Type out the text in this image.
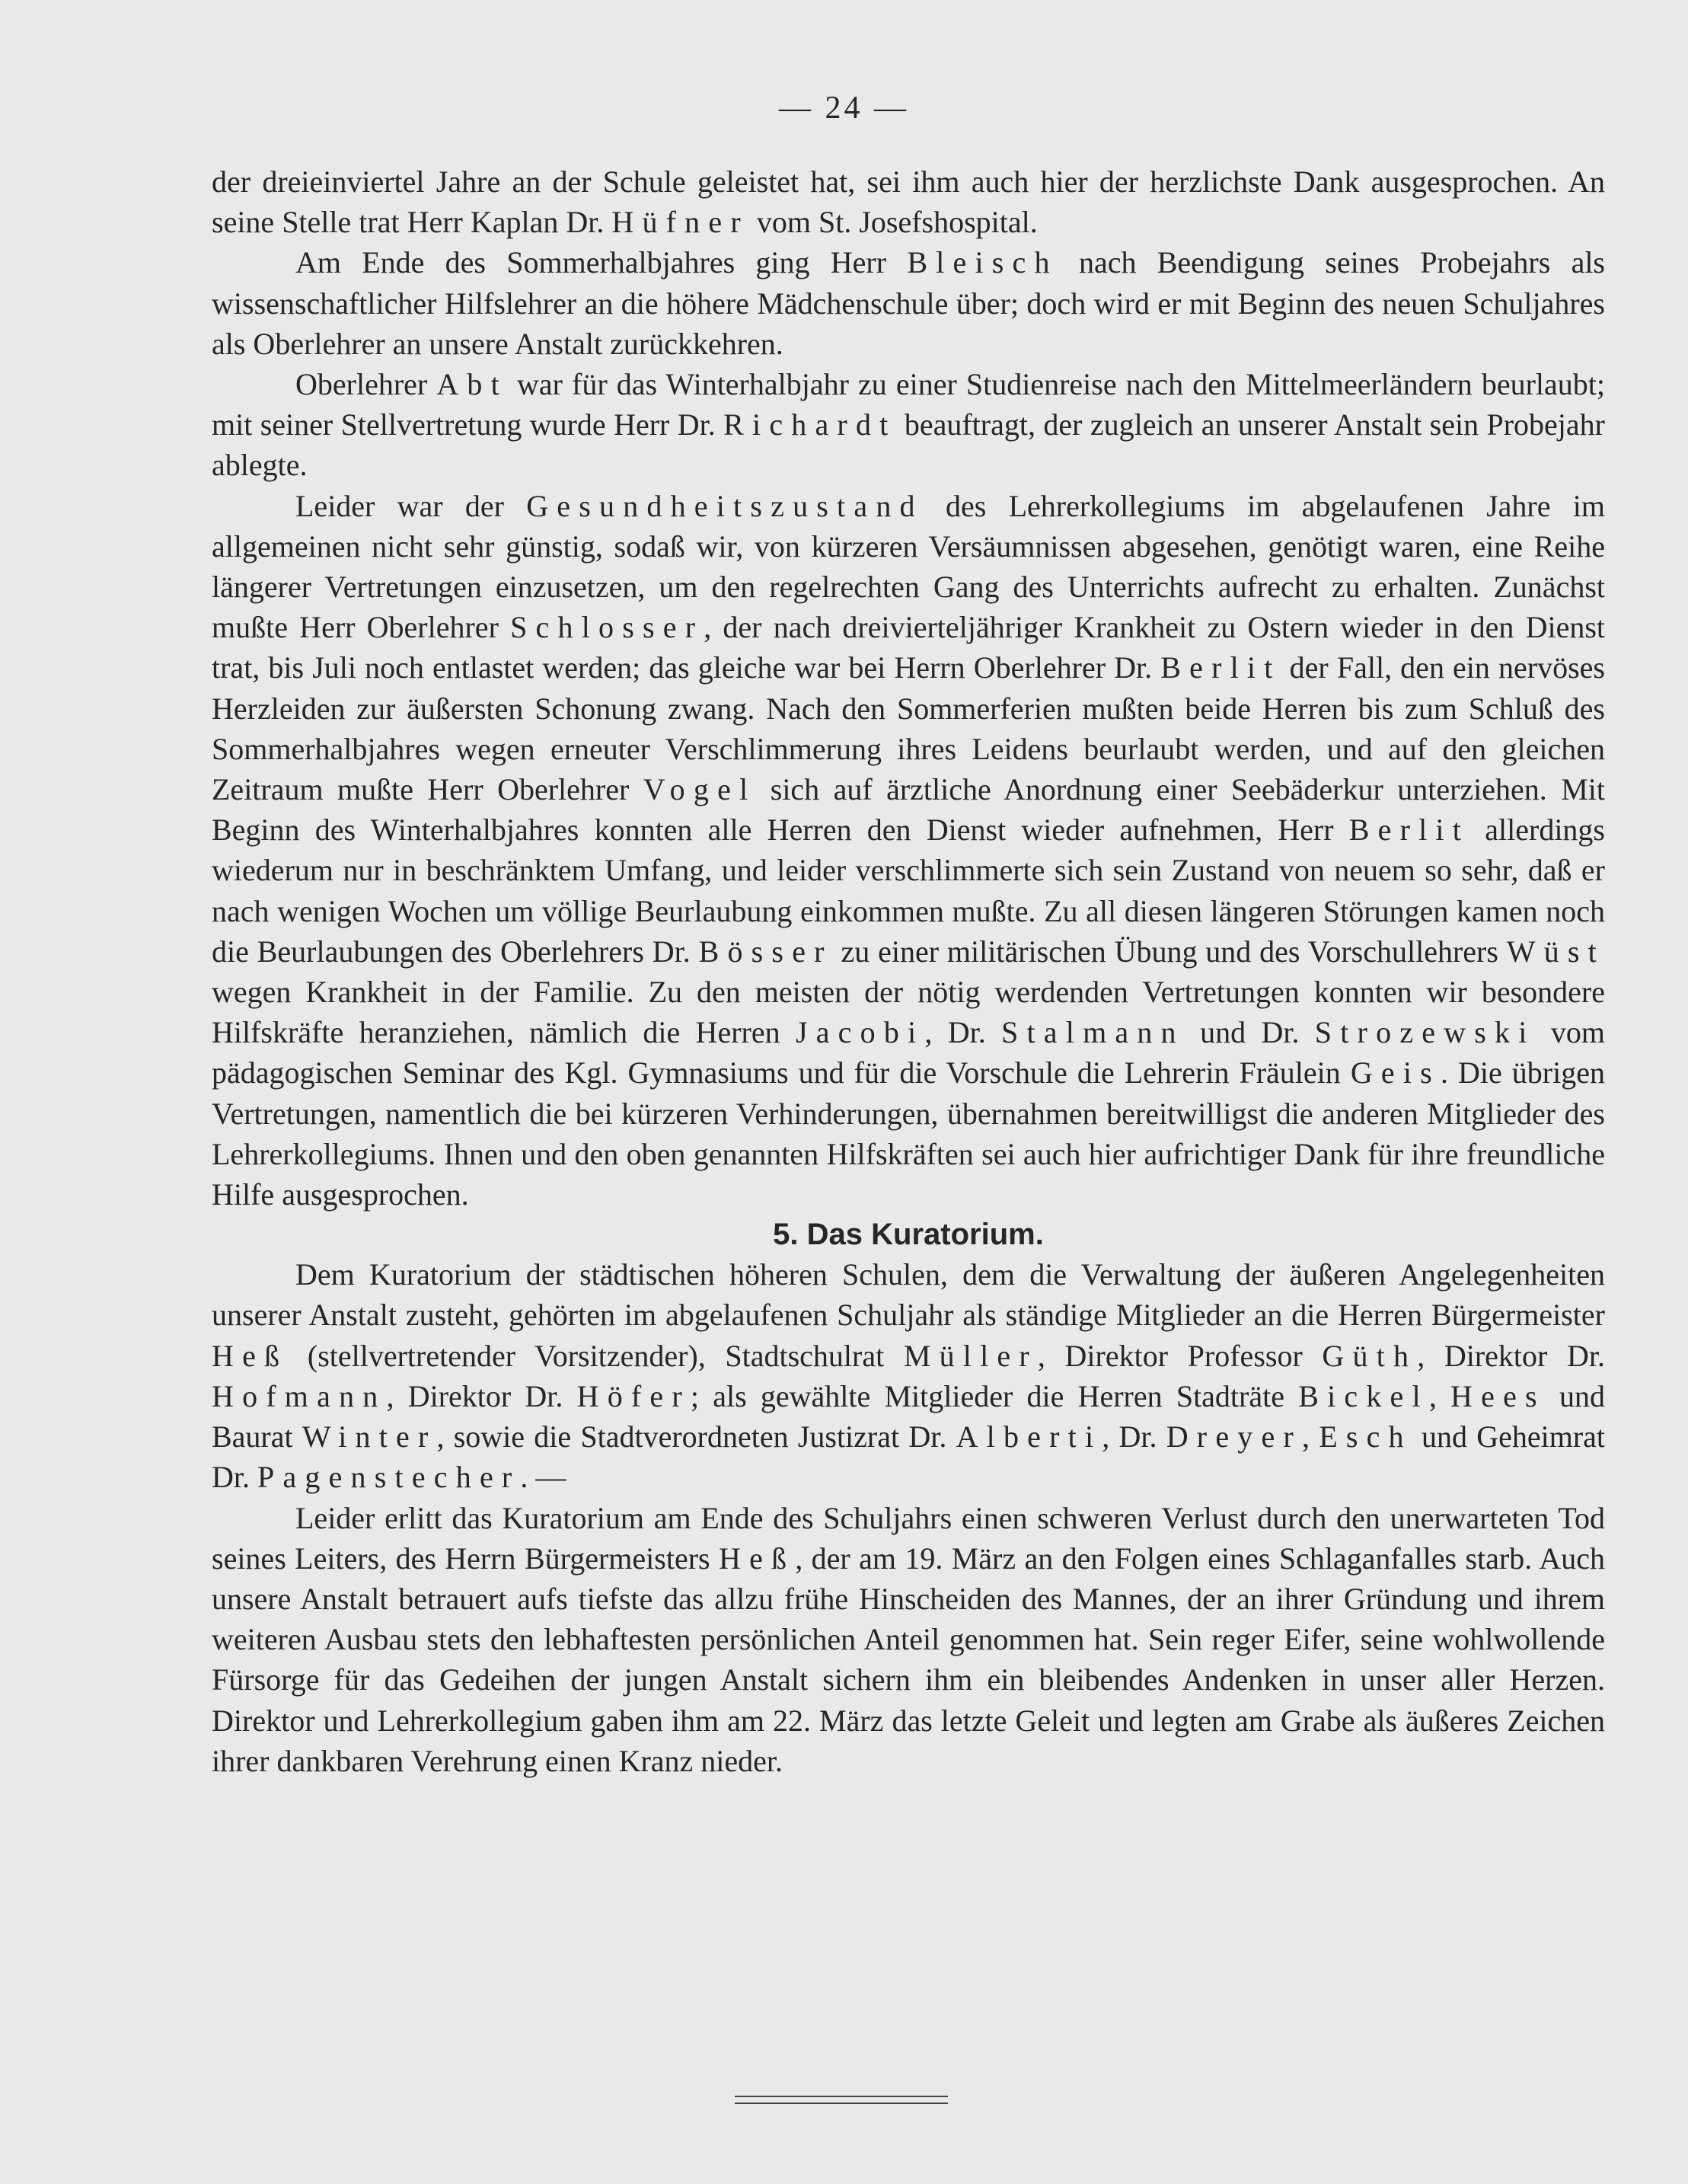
— 24 —

der dreieinviertel Jahre an der Schule geleistet hat, sei ihm auch hier der herzlichste Dank ausgesprochen. An seine Stelle trat Herr Kaplan Dr. Hüfner vom St. Josefshospital.

Am Ende des Sommerhalbjahres ging Herr Bleisch nach Beendigung seines Probejahrs als wissenschaftlicher Hilfslehrer an die höhere Mädchenschule über; doch wird er mit Beginn des neuen Schuljahres als Oberlehrer an unsere Anstalt zurückkehren.

Oberlehrer Abt war für das Winterhalbjahr zu einer Studienreise nach den Mittelmeerländern beurlaubt; mit seiner Stellvertretung wurde Herr Dr. Richardt beauftragt, der zugleich an unserer Anstalt sein Probejahr ablegte.

Leider war der Gesundheitszustand des Lehrerkollegiums im abgelaufenen Jahre im allgemeinen nicht sehr günstig, sodaß wir, von kürzeren Versäumnissen abgesehen, genötigt waren, eine Reihe längerer Vertretungen einzusetzen, um den regelrechten Gang des Unterrichts aufrecht zu erhalten. Zunächst mußte Herr Oberlehrer Schlosser, der nach dreivierteljähriger Krankheit zu Ostern wieder in den Dienst trat, bis Juli noch entlastet werden; das gleiche war bei Herrn Oberlehrer Dr. Berlit der Fall, den ein nervöses Herzleiden zur äußersten Schonung zwang. Nach den Sommerferien mußten beide Herren bis zum Schluß des Sommerhalbjahres wegen erneuter Verschlimmerung ihres Leidens beurlaubt werden, und auf den gleichen Zeitraum mußte Herr Oberlehrer Vogel sich auf ärztliche Anordnung einer Seebäderkur unterziehen. Mit Beginn des Winterhalbjahres konnten alle Herren den Dienst wieder aufnehmen, Herr Berlit allerdings wiederum nur in beschränktem Umfang, und leider verschlimmerte sich sein Zustand von neuem so sehr, daß er nach wenigen Wochen um völlige Beurlaubung einkommen mußte. Zu all diesen längeren Störungen kamen noch die Beurlaubungen des Oberlehrers Dr. Bösser zu einer militärischen Übung und des Vorschullehrers Wüst wegen Krankheit in der Familie. Zu den meisten der nötig werdenden Vertretungen konnten wir besondere Hilfskräfte heranziehen, nämlich die Herren Jacobi, Dr. Stalmann und Dr. Strozewski vom pädagogischen Seminar des Kgl. Gymnasiums und für die Vorschule die Lehrerin Fräulein Geis. Die übrigen Vertretungen, namentlich die bei kürzeren Verhinderungen, übernahmen bereitwilligst die anderen Mitglieder des Lehrerkollegiums. Ihnen und den oben genannten Hilfskräften sei auch hier aufrichtiger Dank für ihre freundliche Hilfe ausgesprochen.

5. Das Kuratorium.

Dem Kuratorium der städtischen höheren Schulen, dem die Verwaltung der äußeren Angelegenheiten unserer Anstalt zusteht, gehörten im abgelaufenen Schuljahr als ständige Mitglieder an die Herren Bürgermeister Heß (stellvertretender Vorsitzender), Stadtschulrat Müller, Direktor Professor Güth, Direktor Dr. Hofmann, Direktor Dr. Höfer; als gewählte Mitglieder die Herren Stadträte Bickel, Hees und Baurat Winter, sowie die Stadtverordneten Justizrat Dr. Alberti, Dr. Dreyer, Esch und Geheimrat Dr. Pagenstecher. —

Leider erlitt das Kuratorium am Ende des Schuljahrs einen schweren Verlust durch den unerwarteten Tod seines Leiters, des Herrn Bürgermeisters Heß, der am 19. März an den Folgen eines Schlaganfalles starb. Auch unsere Anstalt betrauert aufs tiefste das allzu frühe Hinscheiden des Mannes, der an ihrer Gründung und ihrem weiteren Ausbau stets den lebhaftesten persönlichen Anteil genommen hat. Sein reger Eifer, seine wohlwollende Fürsorge für das Gedeihen der jungen Anstalt sichern ihm ein bleibendes Andenken in unser aller Herzen. Direktor und Lehrerkollegium gaben ihm am 22. März das letzte Geleit und legten am Grabe als äußeres Zeichen ihrer dankbaren Verehrung einen Kranz nieder.
